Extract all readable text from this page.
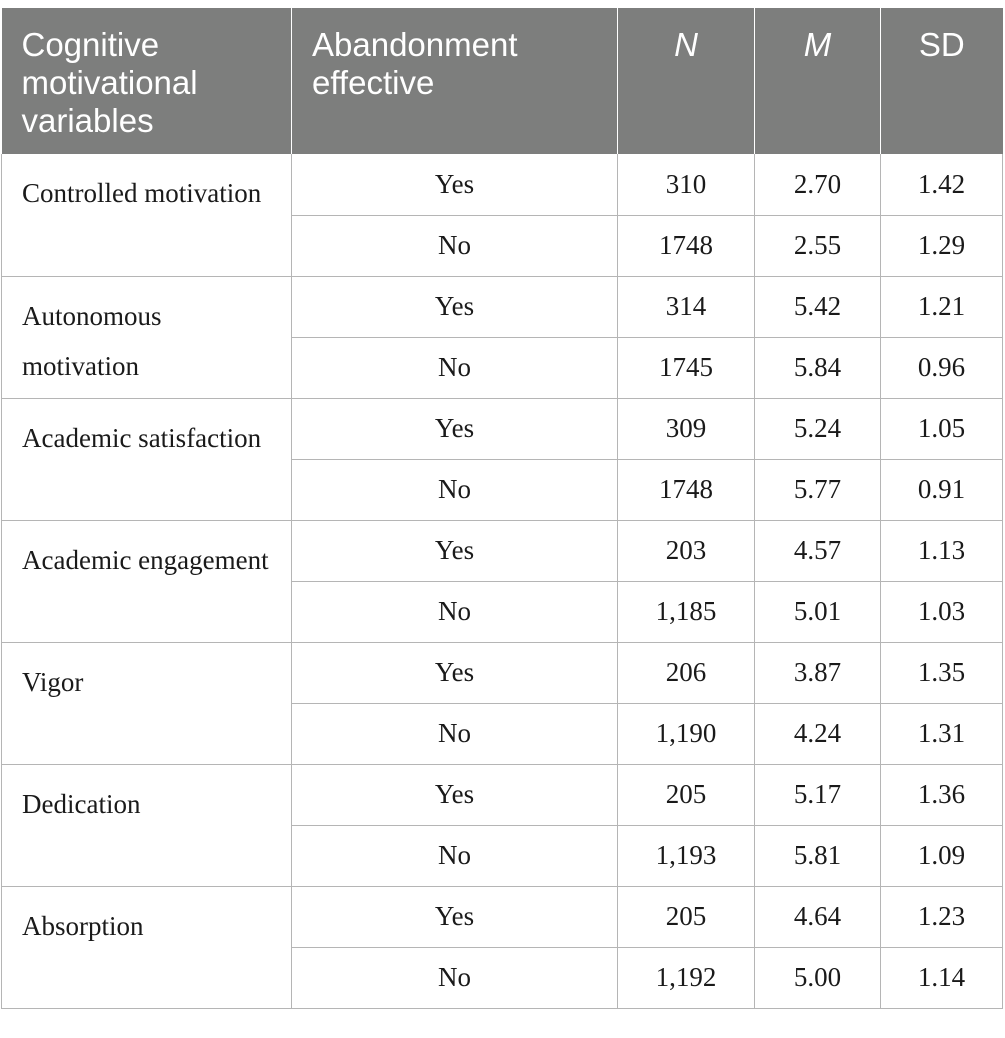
Cognitive motivational variables	Abandonment effective	N	M	SD
Controlled motivation	Yes	310	2.70	1.42
	No	1748	2.55	1.29
Autonomous motivation	Yes	314	5.42	1.21
	No	1745	5.84	0.96
Academic satisfaction	Yes	309	5.24	1.05
	No	1748	5.77	0.91
Academic engagement	Yes	203	4.57	1.13
	No	1,185	5.01	1.03
Vigor	Yes	206	3.87	1.35
	No	1,190	4.24	1.31
Dedication	Yes	205	5.17	1.36
	No	1,193	5.81	1.09
Absorption	Yes	205	4.64	1.23
	No	1,192	5.00	1.14
